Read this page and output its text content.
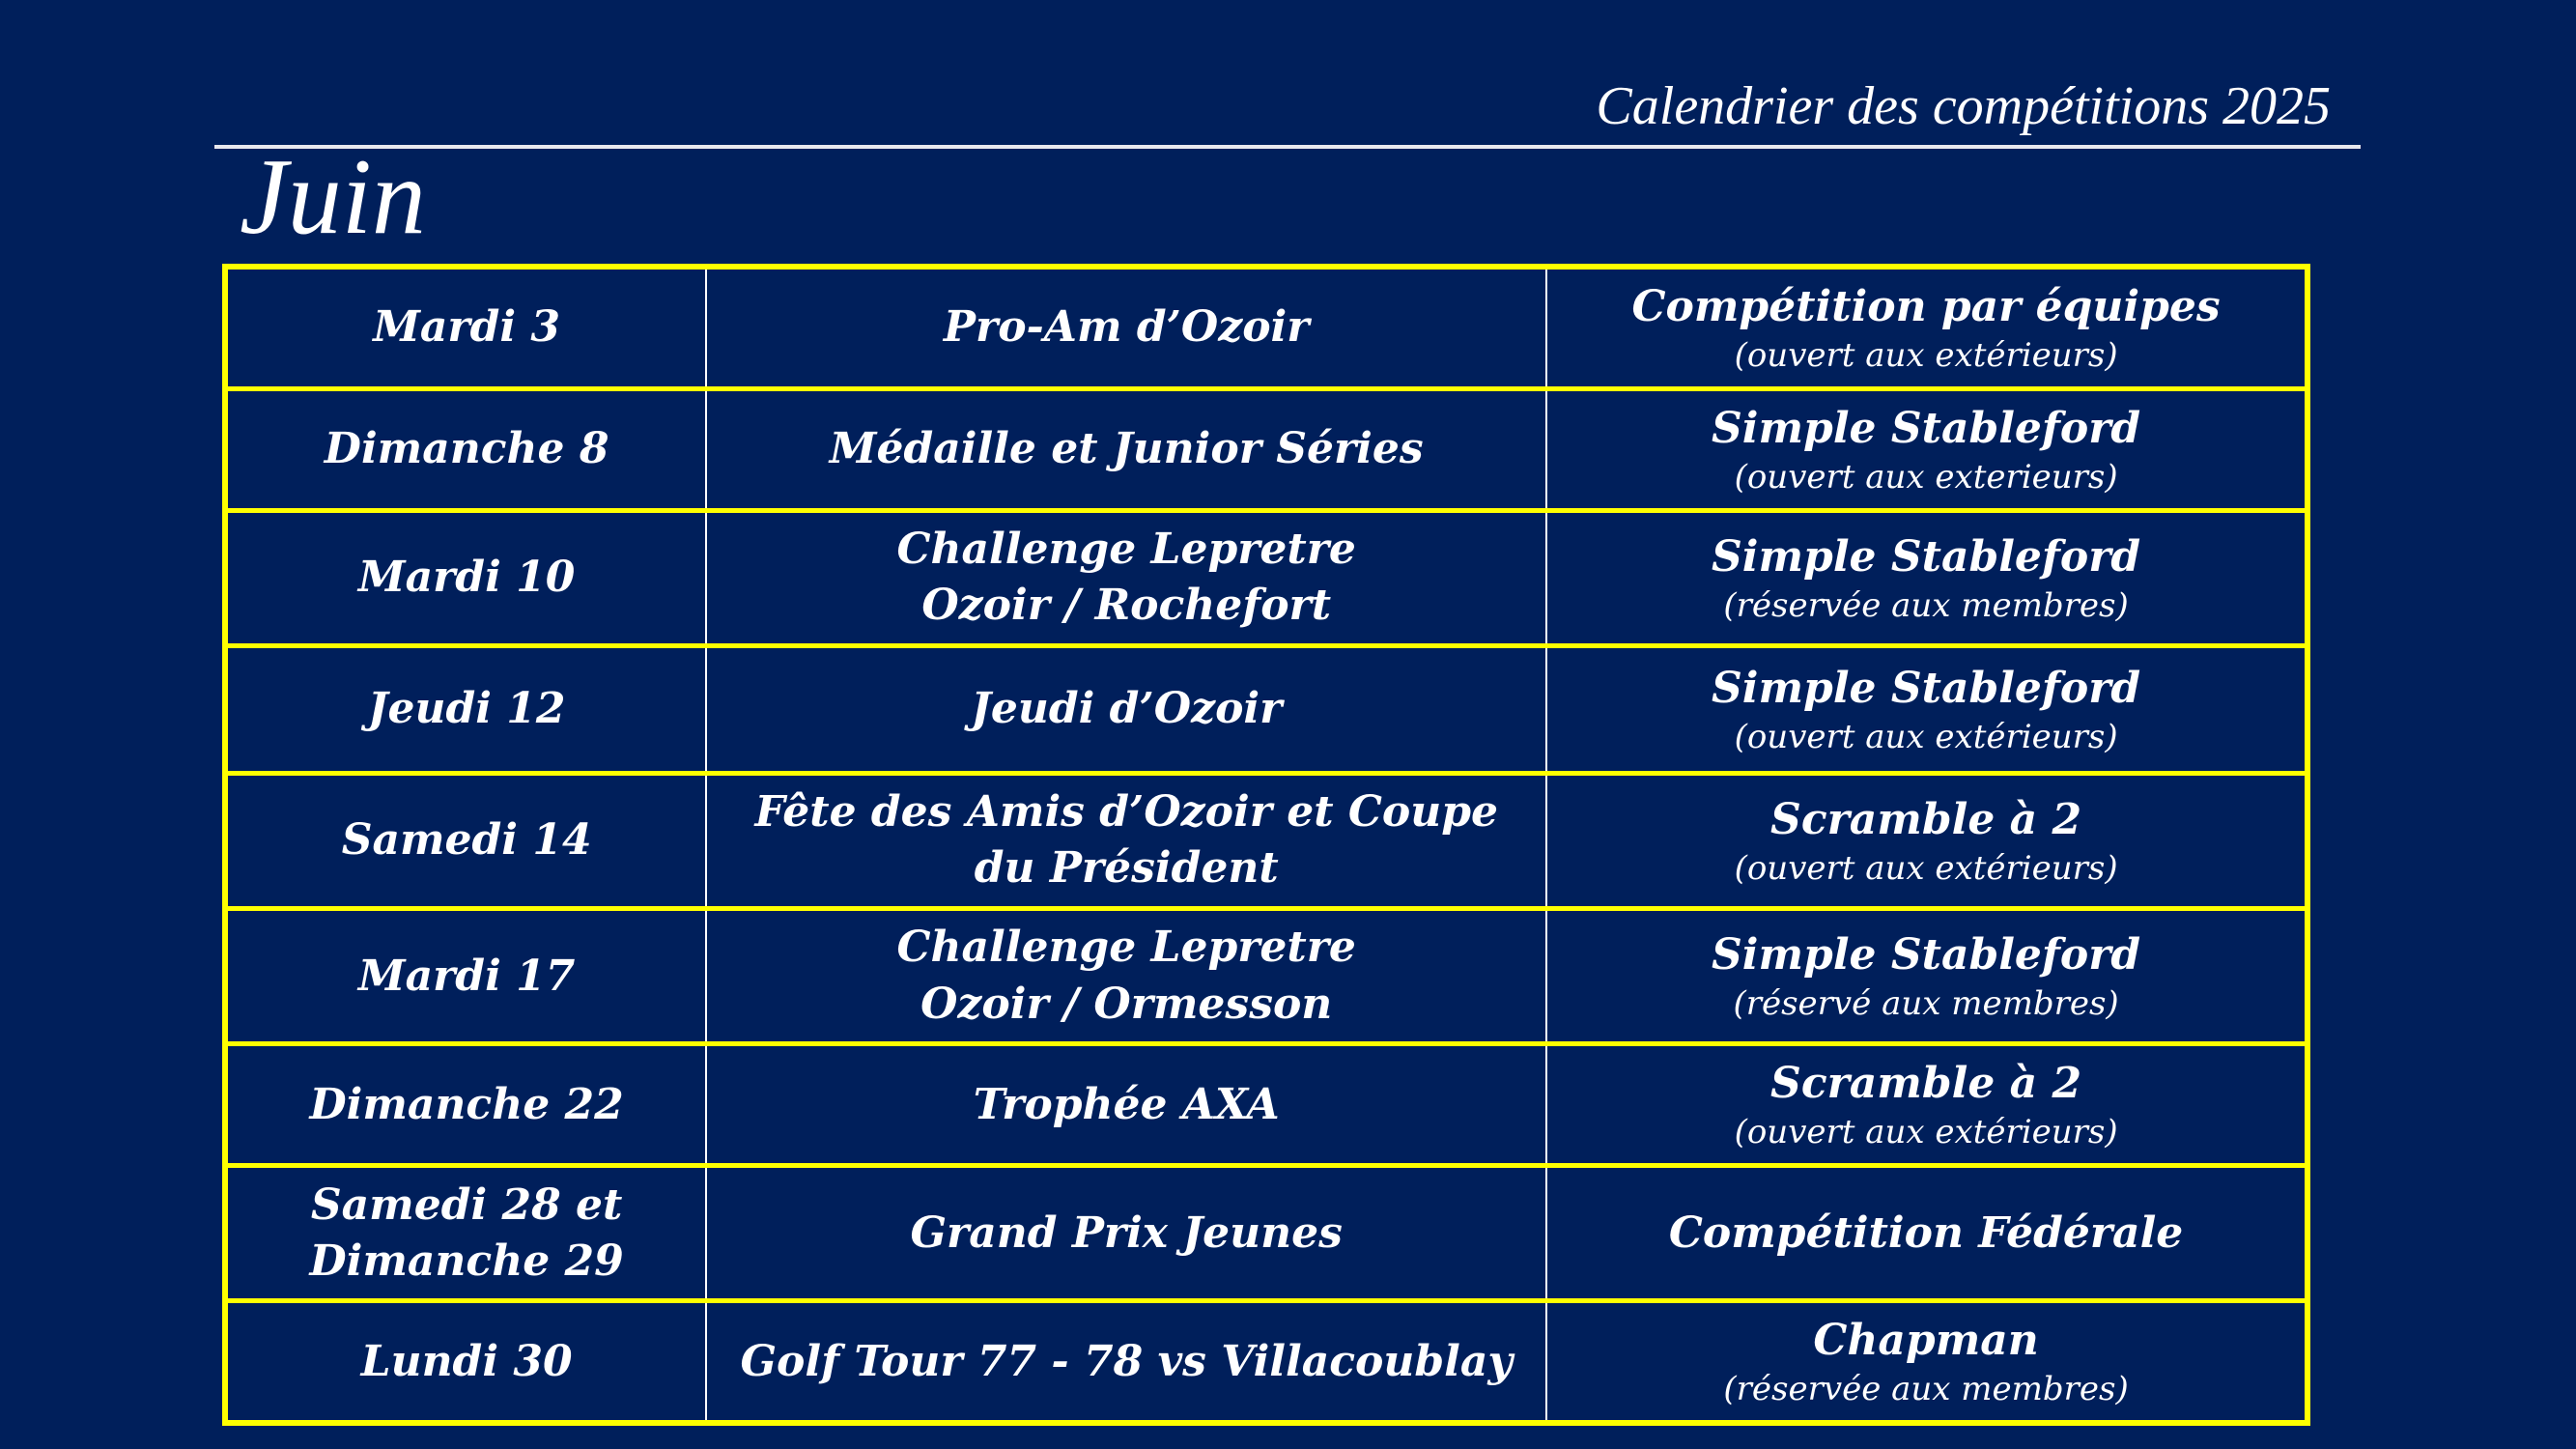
Calendrier des compétitions 2025
Juin
Mardi 3	Pro-Am d’Ozoir	Compétition par équipes
(ouvert aux extérieurs)

Dimanche 8	Médaille et Junior Séries	Simple Stableford
(ouvert aux exterieurs)

Mardi 10	Challenge Lepretre
Ozoir / Rochefort	Simple Stableford
(réservée aux membres)

Jeudi 12	Jeudi d’Ozoir	Simple Stableford
(ouvert aux extérieurs)

Samedi 14	Fête des Amis d’Ozoir et Coupe du Président	Scramble à 2
(ouvert aux extérieurs)

Mardi 17	Challenge Lepretre
Ozoir / Ormesson	Simple Stableford
(réservé aux membres)

Dimanche 22	Trophée AXA	Scramble à 2
(ouvert aux extérieurs)

Samedi 28 et
Dimanche 29	Grand Prix Jeunes	Compétition Fédérale

Lundi 30	Golf Tour 77 - 78 vs Villacoublay	Chapman
(réservée aux membres)
